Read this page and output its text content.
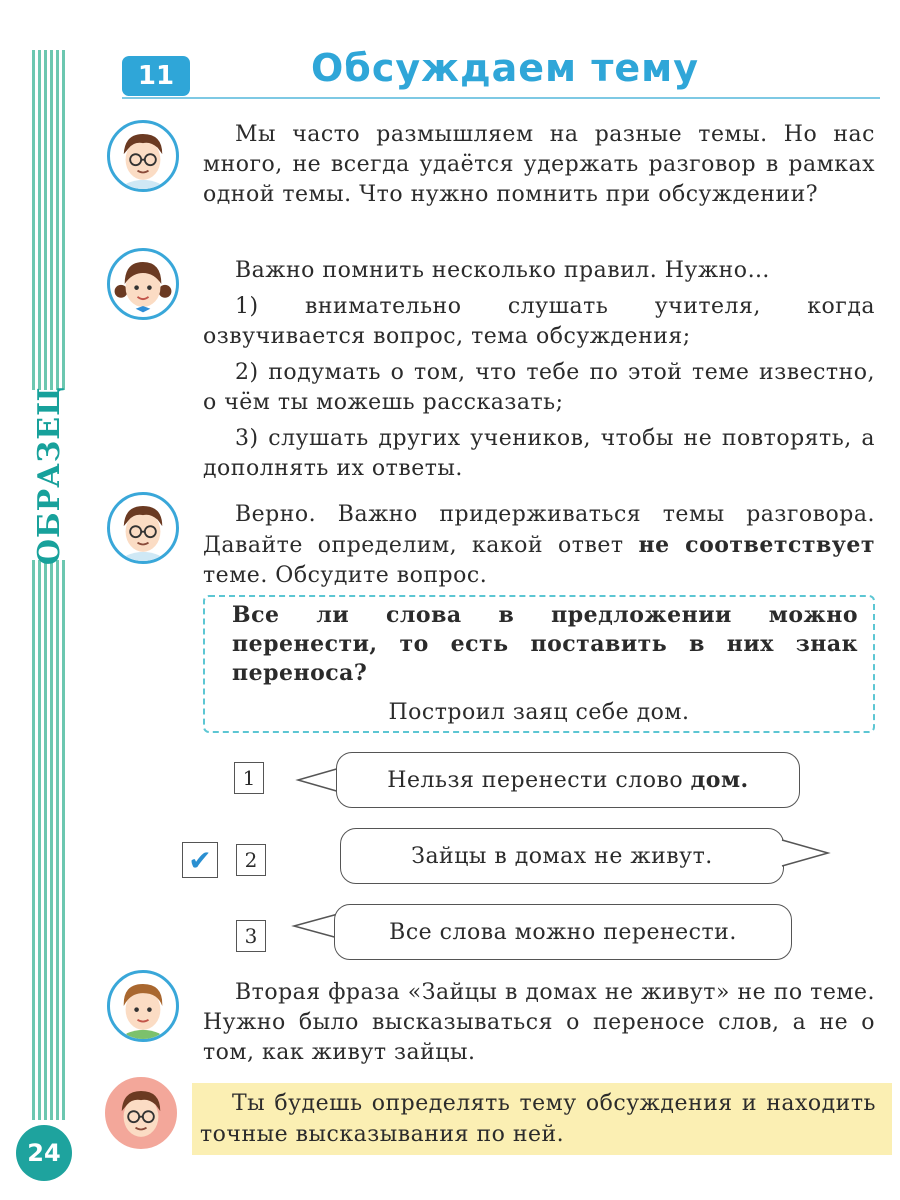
ОБРАЗЕЦ
24
11	Обсуждаем тему

Мы часто размышляем на разные темы. Но нас много, не всегда удаётся удержать разговор в рамках одной темы. Что нужно помнить при обсуждении?

Важно помнить несколько правил. Нужно…

1) внимательно слушать учителя, когда озвучивается вопрос, тема обсуждения;

2) подумать о том, что тебе по этой теме известно, о чём ты можешь рассказать;

3) слушать других учеников, чтобы не повторять, а дополнять их ответы.

Верно. Важно придерживаться темы разговора. Давайте определим, какой ответ не соответствует теме. Обсудите вопрос.

Все ли слова в предложении можно перенести, то есть поставить в них знак переноса?

Построил заяц себе дом.
1	Нельзя перенести слово
дом.
✔	2	Зайцы в домах не живут.
3	Все слова можно перенести.

Вторая фраза «Зайцы в домах не живут» не по теме. Нужно было высказываться о переносе слов, а не о том, как живут зайцы.

Ты будешь определять тему обсуждения и находить точные высказывания по ней.
